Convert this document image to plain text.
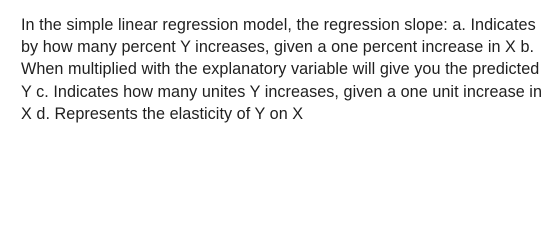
In the simple linear regression model, the regression slope: a. Indicates by how many percent Y increases, given a one percent increase in X b. When multiplied with the explanatory variable will give you the predicted Y c. Indicates how many unites Y increases, given a one unit increase in X d. Represents the elasticity of Y on X
